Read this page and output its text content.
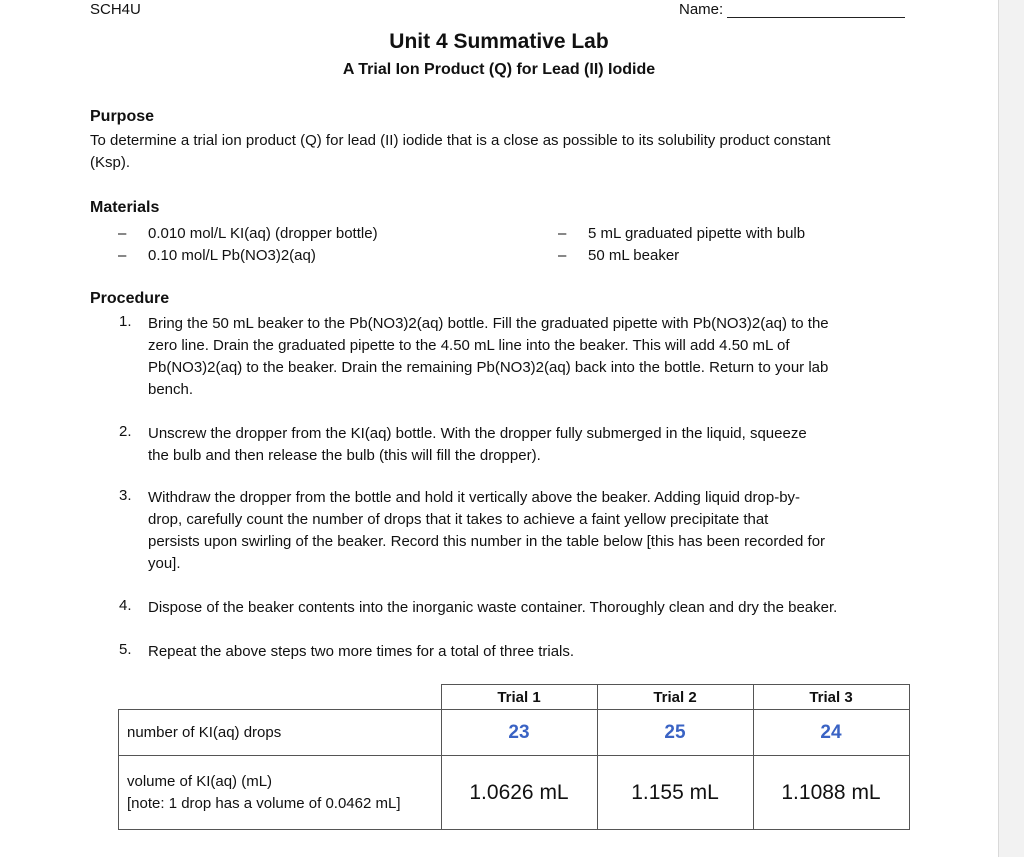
SCH4U	Name:
Unit 4 Summative Lab
A Trial Ion Product (Q) for Lead (II) Iodide
Purpose
To determine a trial ion product (Q) for lead (II) iodide that is a close as possible to its solubility product constant
(Ksp).
Materials
– 0.010 mol/L KI(aq) (dropper bottle)
– 0.10 mol/L Pb(NO3)2(aq)
– 5 mL graduated pipette with bulb
– 50 mL beaker
Procedure
1. Bring the 50 mL beaker to the Pb(NO3)2(aq) bottle. Fill the graduated pipette with Pb(NO3)2(aq) to the
zero line. Drain the graduated pipette to the 4.50 mL line into the beaker. This will add 4.50 mL of
Pb(NO3)2(aq) to the beaker. Drain the remaining Pb(NO3)2(aq) back into the bottle. Return to your lab
bench.
2. Unscrew the dropper from the KI(aq) bottle. With the dropper fully submerged in the liquid, squeeze
the bulb and then release the bulb (this will fill the dropper).
3. Withdraw the dropper from the bottle and hold it vertically above the beaker. Adding liquid drop-by-
drop, carefully count the number of drops that it takes to achieve a faint yellow precipitate that
persists upon swirling of the beaker. Record this number in the table below [this has been recorded for
you].
4. Dispose of the beaker contents into the inorganic waste container. Thoroughly clean and dry the beaker.
5. Repeat the above steps two more times for a total of three trials.
	Trial 1	Trial 2	Trial 3
number of KI(aq) drops	23	25	24

volume of KI(aq) (mL)
[note: 1 drop has a volume of 0.0462 mL]	1.0626 mL	1.155 mL	1.1088 mL
